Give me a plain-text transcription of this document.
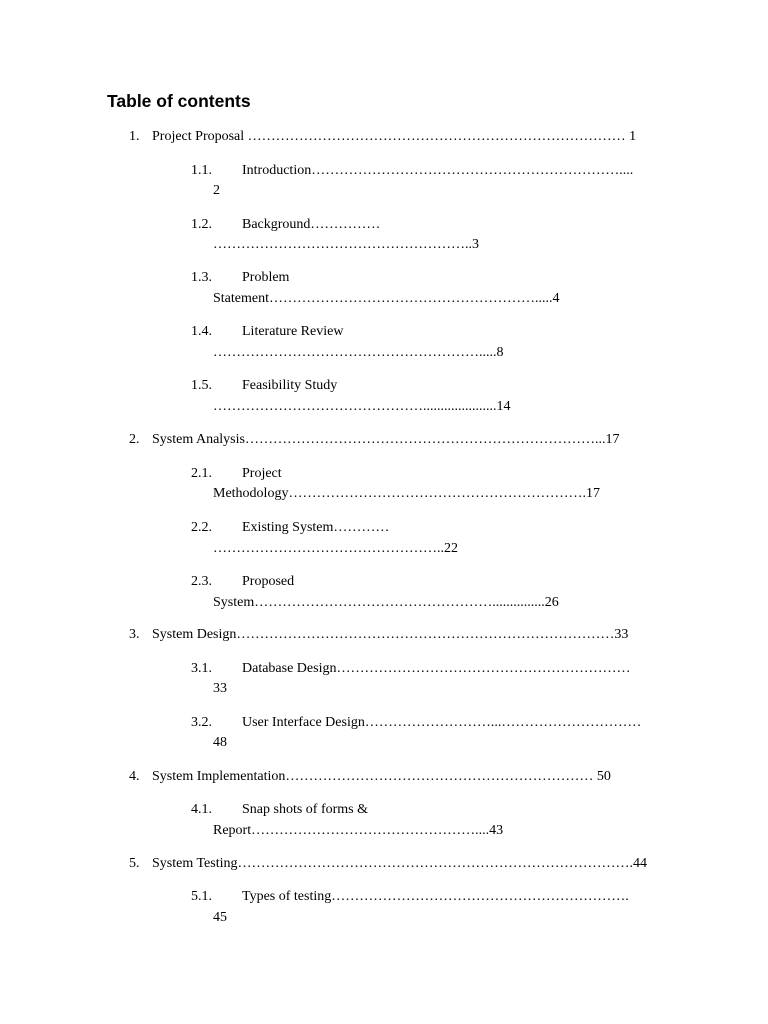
Table of contents
1. Project Proposal ……………………………………………………………………… 1
1.1. Introduction…………………………………………………………....
2
1.2. Background……………
………………………………………………..3
1.3. Problem
Statement………………………………………………….....4
1.4. Literature Review
………………………………………………….....8
1.5. Feasibility Study
……………………………………….....................14
2. System Analysis…………………………………………………………………...17
2.1. Project
Methodology……………………………………………………….17
2.2. Existing System…………
…………………………………………..22
2.3. Proposed
System……………………………………………...............26
3. System Design………………………………………………………………………33
3.1. Database Design………………………………………………………
33
3.2. User Interface Design………………………...…………………………
48
4. System Implementation………………………………………………………… 50
4.1. Snap shots of forms &
Report…………………………………………....43
5. System Testing………………………………………………………………………….44
5.1. Types of testing……………………………………………………….
45
